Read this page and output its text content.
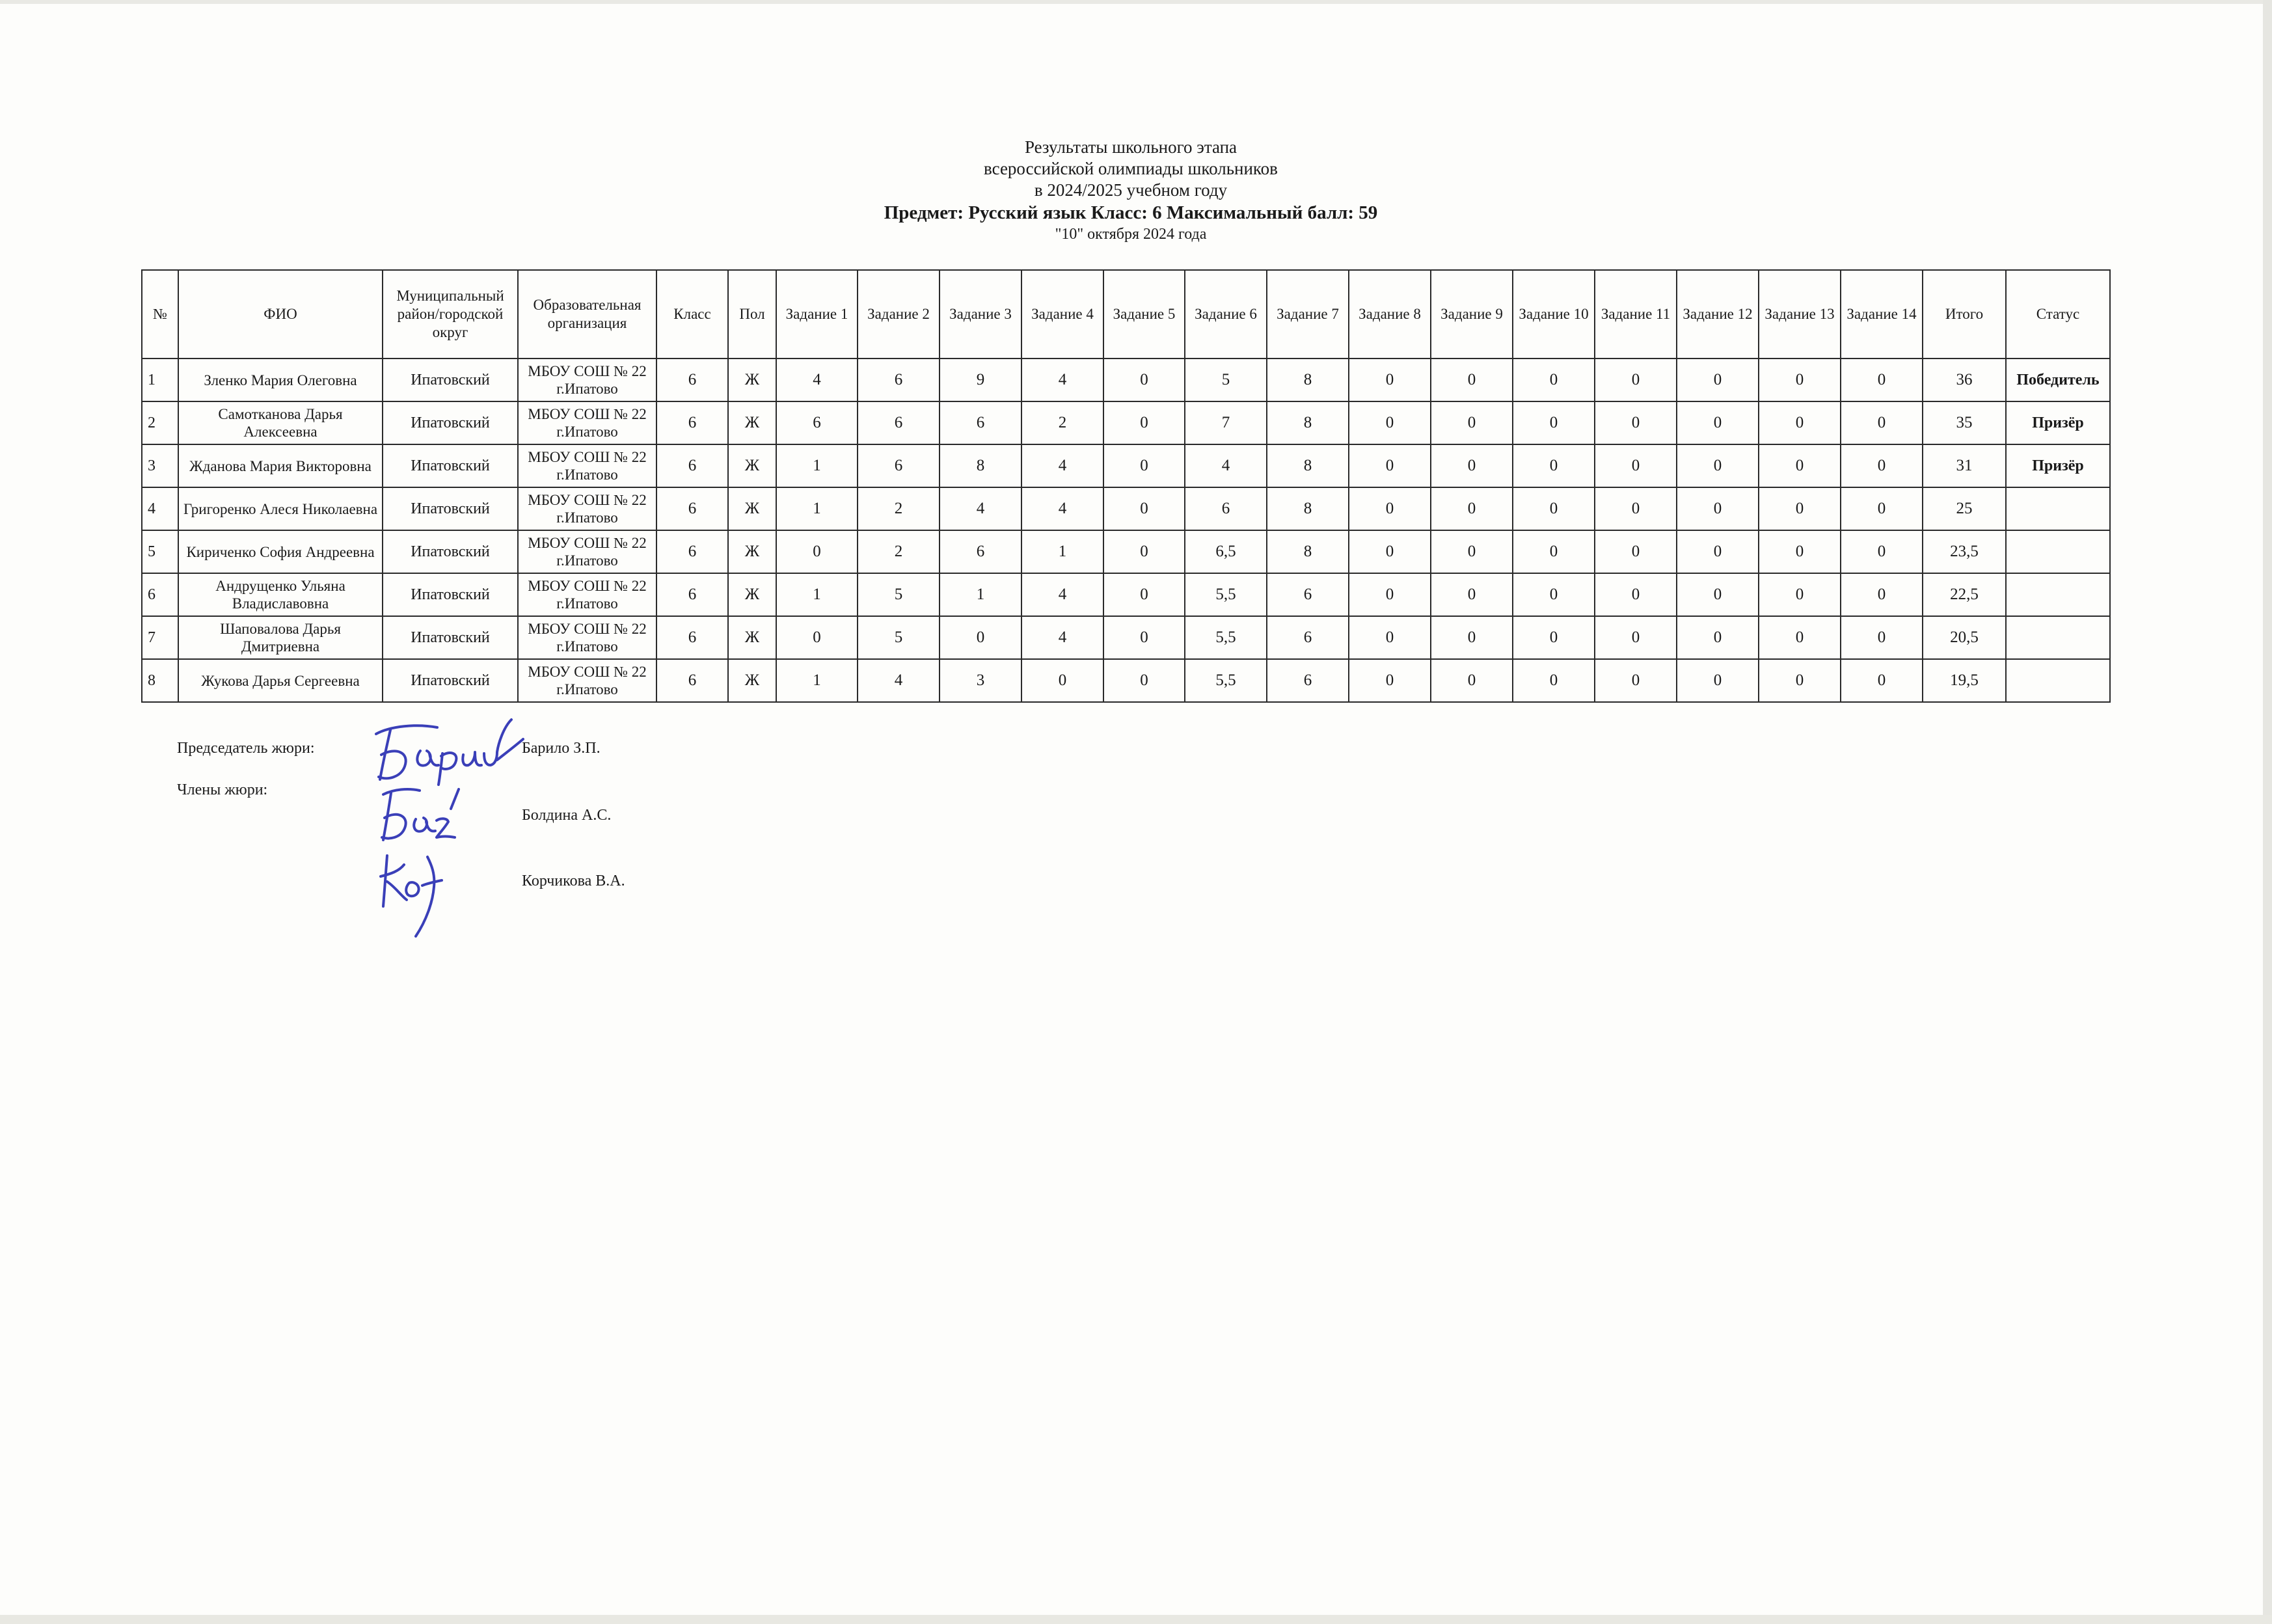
Результаты школьного этапа
всероссийской олимпиады школьников
в 2024/2025 учебном году
Предмет: Русский язык Класс: 6 Максимальный балл: 59
"10" октября 2024 года
№	ФИО	Муниципальный район/городской округ	Образовательная организация	Класс	Пол	Задание 1	Задание 2	Задание 3	Задание 4	Задание 5	Задание 6	Задание 7	Задание 8	Задание 9	Задание 10	Задание 11	Задание 12	Задание 13	Задание 14	Итого	Статус
1	Зленко Мария Олеговна	Ипатовский	МБОУ СОШ № 22 г.Ипатово	6	Ж	4	6	9	4	0	5	8	0	0	0	0	0	0	0	36	Победитель
2	Самотканова Дарья Алексеевна	Ипатовский	МБОУ СОШ № 22 г.Ипатово	6	Ж	6	6	6	2	0	7	8	0	0	0	0	0	0	0	35	Призёр
3	Жданова Мария Викторовна	Ипатовский	МБОУ СОШ № 22 г.Ипатово	6	Ж	1	6	8	4	0	4	8	0	0	0	0	0	0	0	31	Призёр
4	Григоренко Алеся Николаевна	Ипатовский	МБОУ СОШ № 22 г.Ипатово	6	Ж	1	2	4	4	0	6	8	0	0	0	0	0	0	0	25	
5	Кириченко София Андреевна	Ипатовский	МБОУ СОШ № 22 г.Ипатово	6	Ж	0	2	6	1	0	6,5	8	0	0	0	0	0	0	0	23,5	
6	Андрущенко Ульяна Владиславовна	Ипатовский	МБОУ СОШ № 22 г.Ипатово	6	Ж	1	5	1	4	0	5,5	6	0	0	0	0	0	0	0	22,5	
7	Шаповалова Дарья Дмитриевна	Ипатовский	МБОУ СОШ № 22 г.Ипатово	6	Ж	0	5	0	4	0	5,5	6	0	0	0	0	0	0	0	20,5	
8	Жукова Дарья Сергеевна	Ипатовский	МБОУ СОШ № 22 г.Ипатово	6	Ж	1	4	3	0	0	5,5	6	0	0	0	0	0	0	0	19,5	
Председатель жюри:
Члены жюри:
Барило З.П.
Болдина А.С.
Корчикова В.А.
